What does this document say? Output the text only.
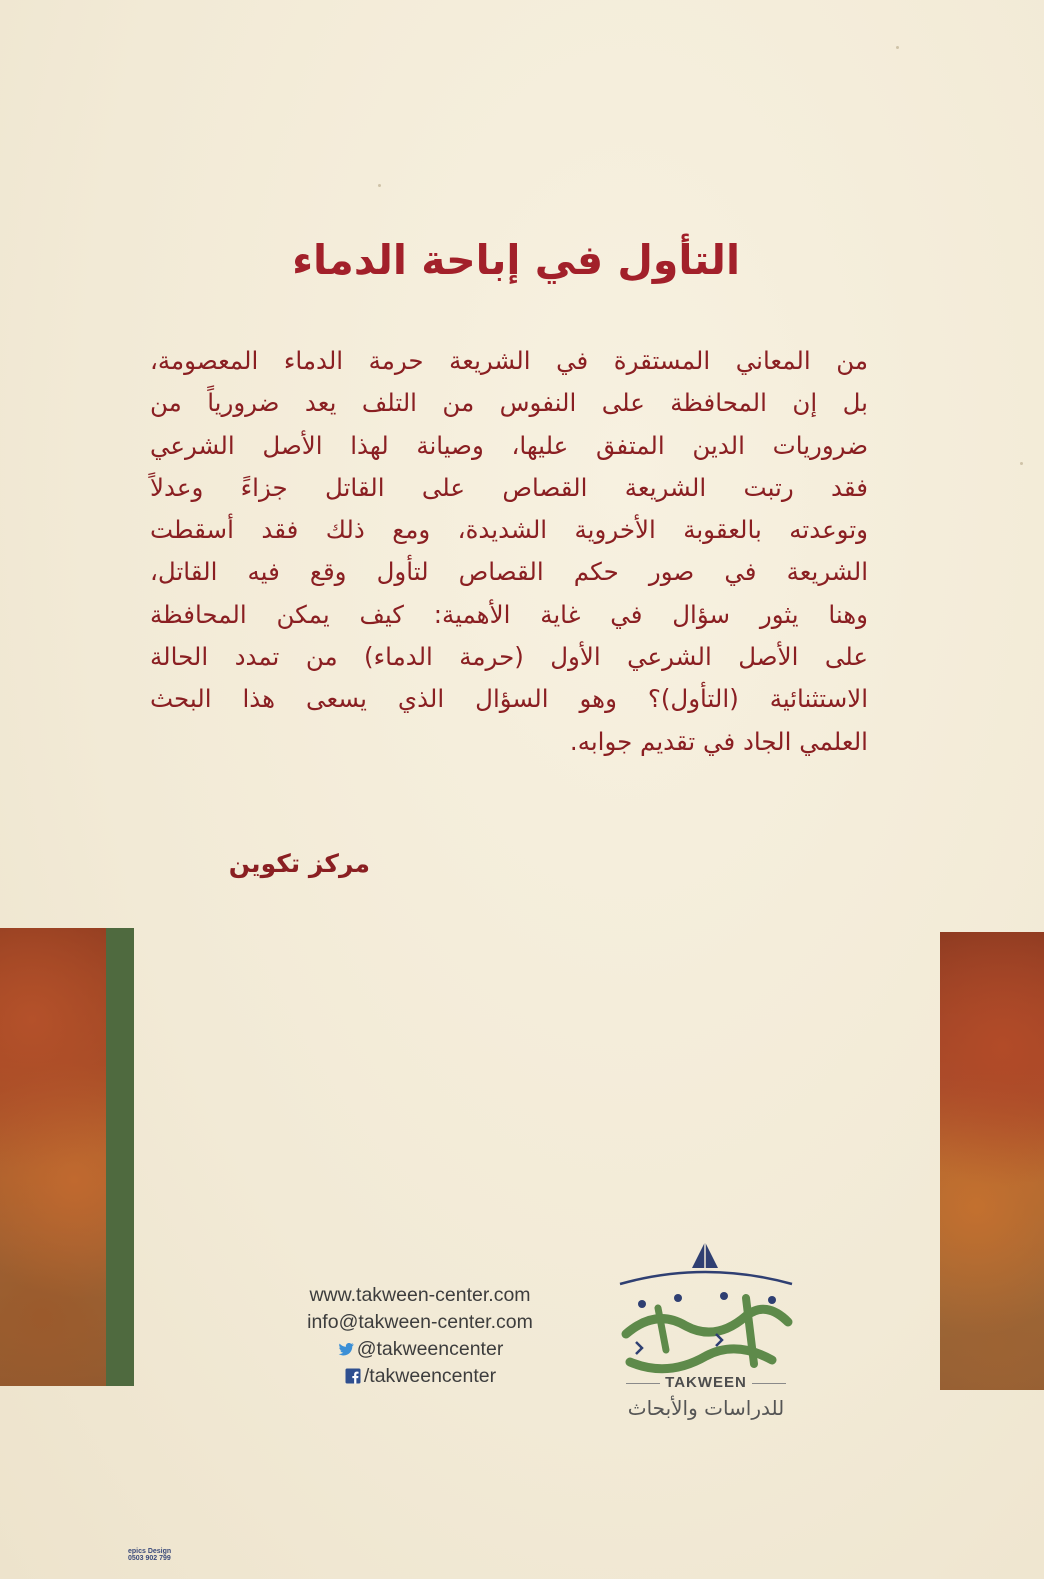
التأول في إباحة الدماء
من المعاني المستقرة في الشريعة حرمة الدماء المعصومة،
بل إن المحافظة على النفوس من التلف يعد ضرورياً من
ضروريات الدين المتفق عليها، وصيانة لهذا الأصل الشرعي
فقد رتبت الشريعة القصاص على القاتل جزاءً وعدلاً
وتوعدته بالعقوبة الأخروية الشديدة، ومع ذلك فقد أسقطت
الشريعة في صور حكم القصاص لتأول وقع فيه القاتل،
وهنا يثور سؤال في غاية الأهمية: كيف يمكن المحافظة
على الأصل الشرعي الأول (حرمة الدماء) من تمدد الحالة
الاستثنائية (التأول)؟ وهو السؤال الذي يسعى هذا البحث
العلمي الجاد في تقديم جوابه.
مركز تكوين
www.takween-center.com
info@takween-center.com
@takweencenter
/takweencenter
تكوين
TAKWEEN
للدراسات والأبحاث
epics Design
0503 902 799
